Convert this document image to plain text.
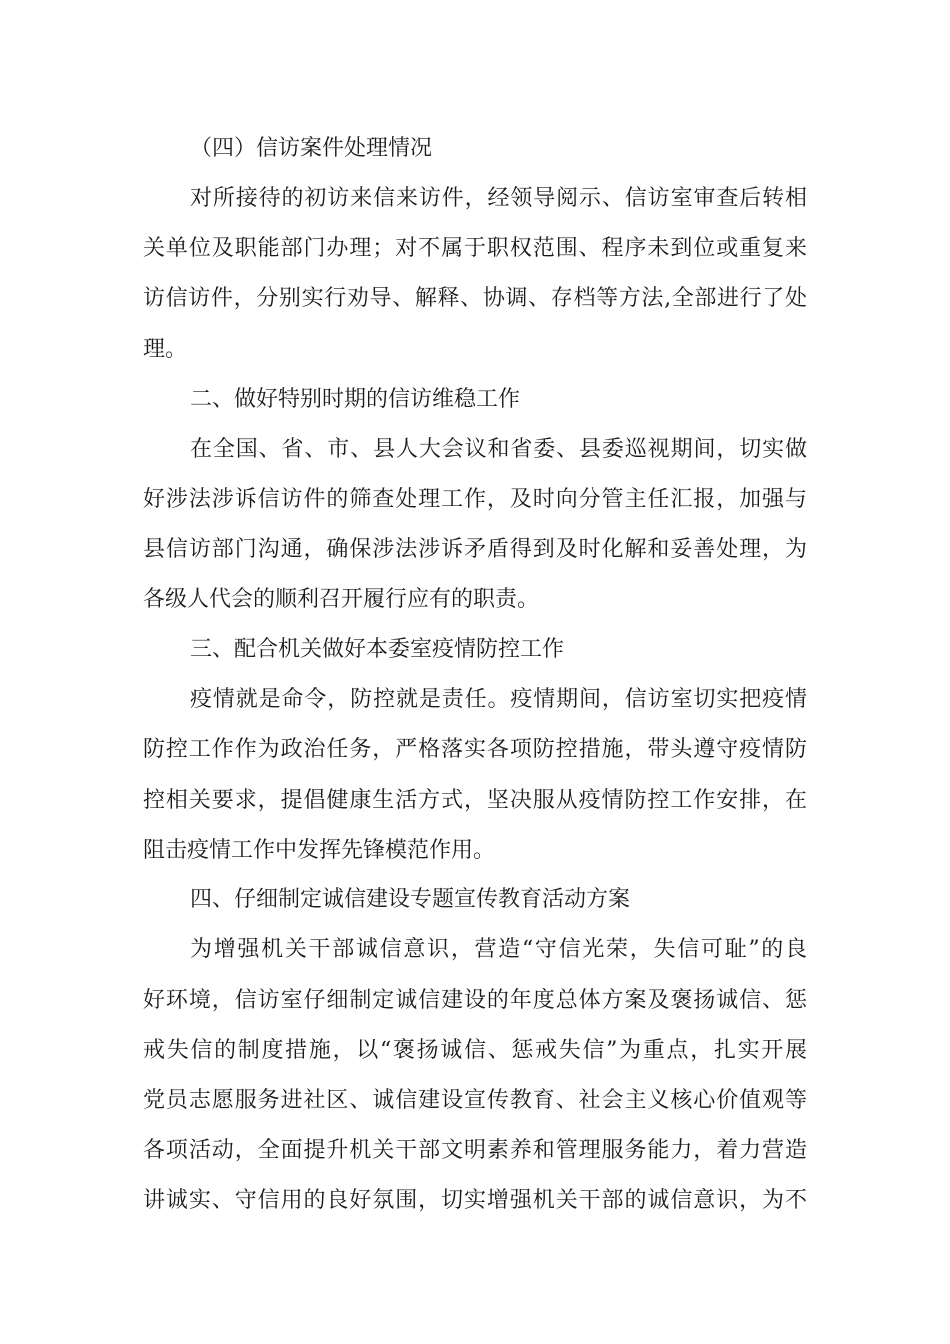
（四）信访案件处理情况
对所接待的初访来信来访件，经领导阅示、信访室审查后转相
关单位及职能部门办理；对不属于职权范围、程序未到位或重复来
访信访件，分别实行劝导、解释、协调、存档等方法,全部进行了处
理。
二、做好特别时期的信访维稳工作
在全国、省、市、县人大会议和省委、县委巡视期间，切实做
好涉法涉诉信访件的筛查处理工作，及时向分管主任汇报，加强与
县信访部门沟通，确保涉法涉诉矛盾得到及时化解和妥善处理，为
各级人代会的顺利召开履行应有的职责。
三、配合机关做好本委室疫情防控工作
疫情就是命令，防控就是责任。疫情期间，信访室切实把疫情
防控工作作为政治任务，严格落实各项防控措施，带头遵守疫情防
控相关要求，提倡健康生活方式，坚决服从疫情防控工作安排，在
阻击疫情工作中发挥先锋模范作用。
四、仔细制定诚信建设专题宣传教育活动方案
为增强机关干部诚信意识，营造“守信光荣，失信可耻”的良
好环境，信访室仔细制定诚信建设的年度总体方案及褒扬诚信、惩
戒失信的制度措施，以“褒扬诚信、惩戒失信”为重点，扎实开展
党员志愿服务进社区、诚信建设宣传教育、社会主义核心价值观等
各项活动，全面提升机关干部文明素养和管理服务能力，着力营造
讲诚实、守信用的良好氛围，切实增强机关干部的诚信意识，为不
